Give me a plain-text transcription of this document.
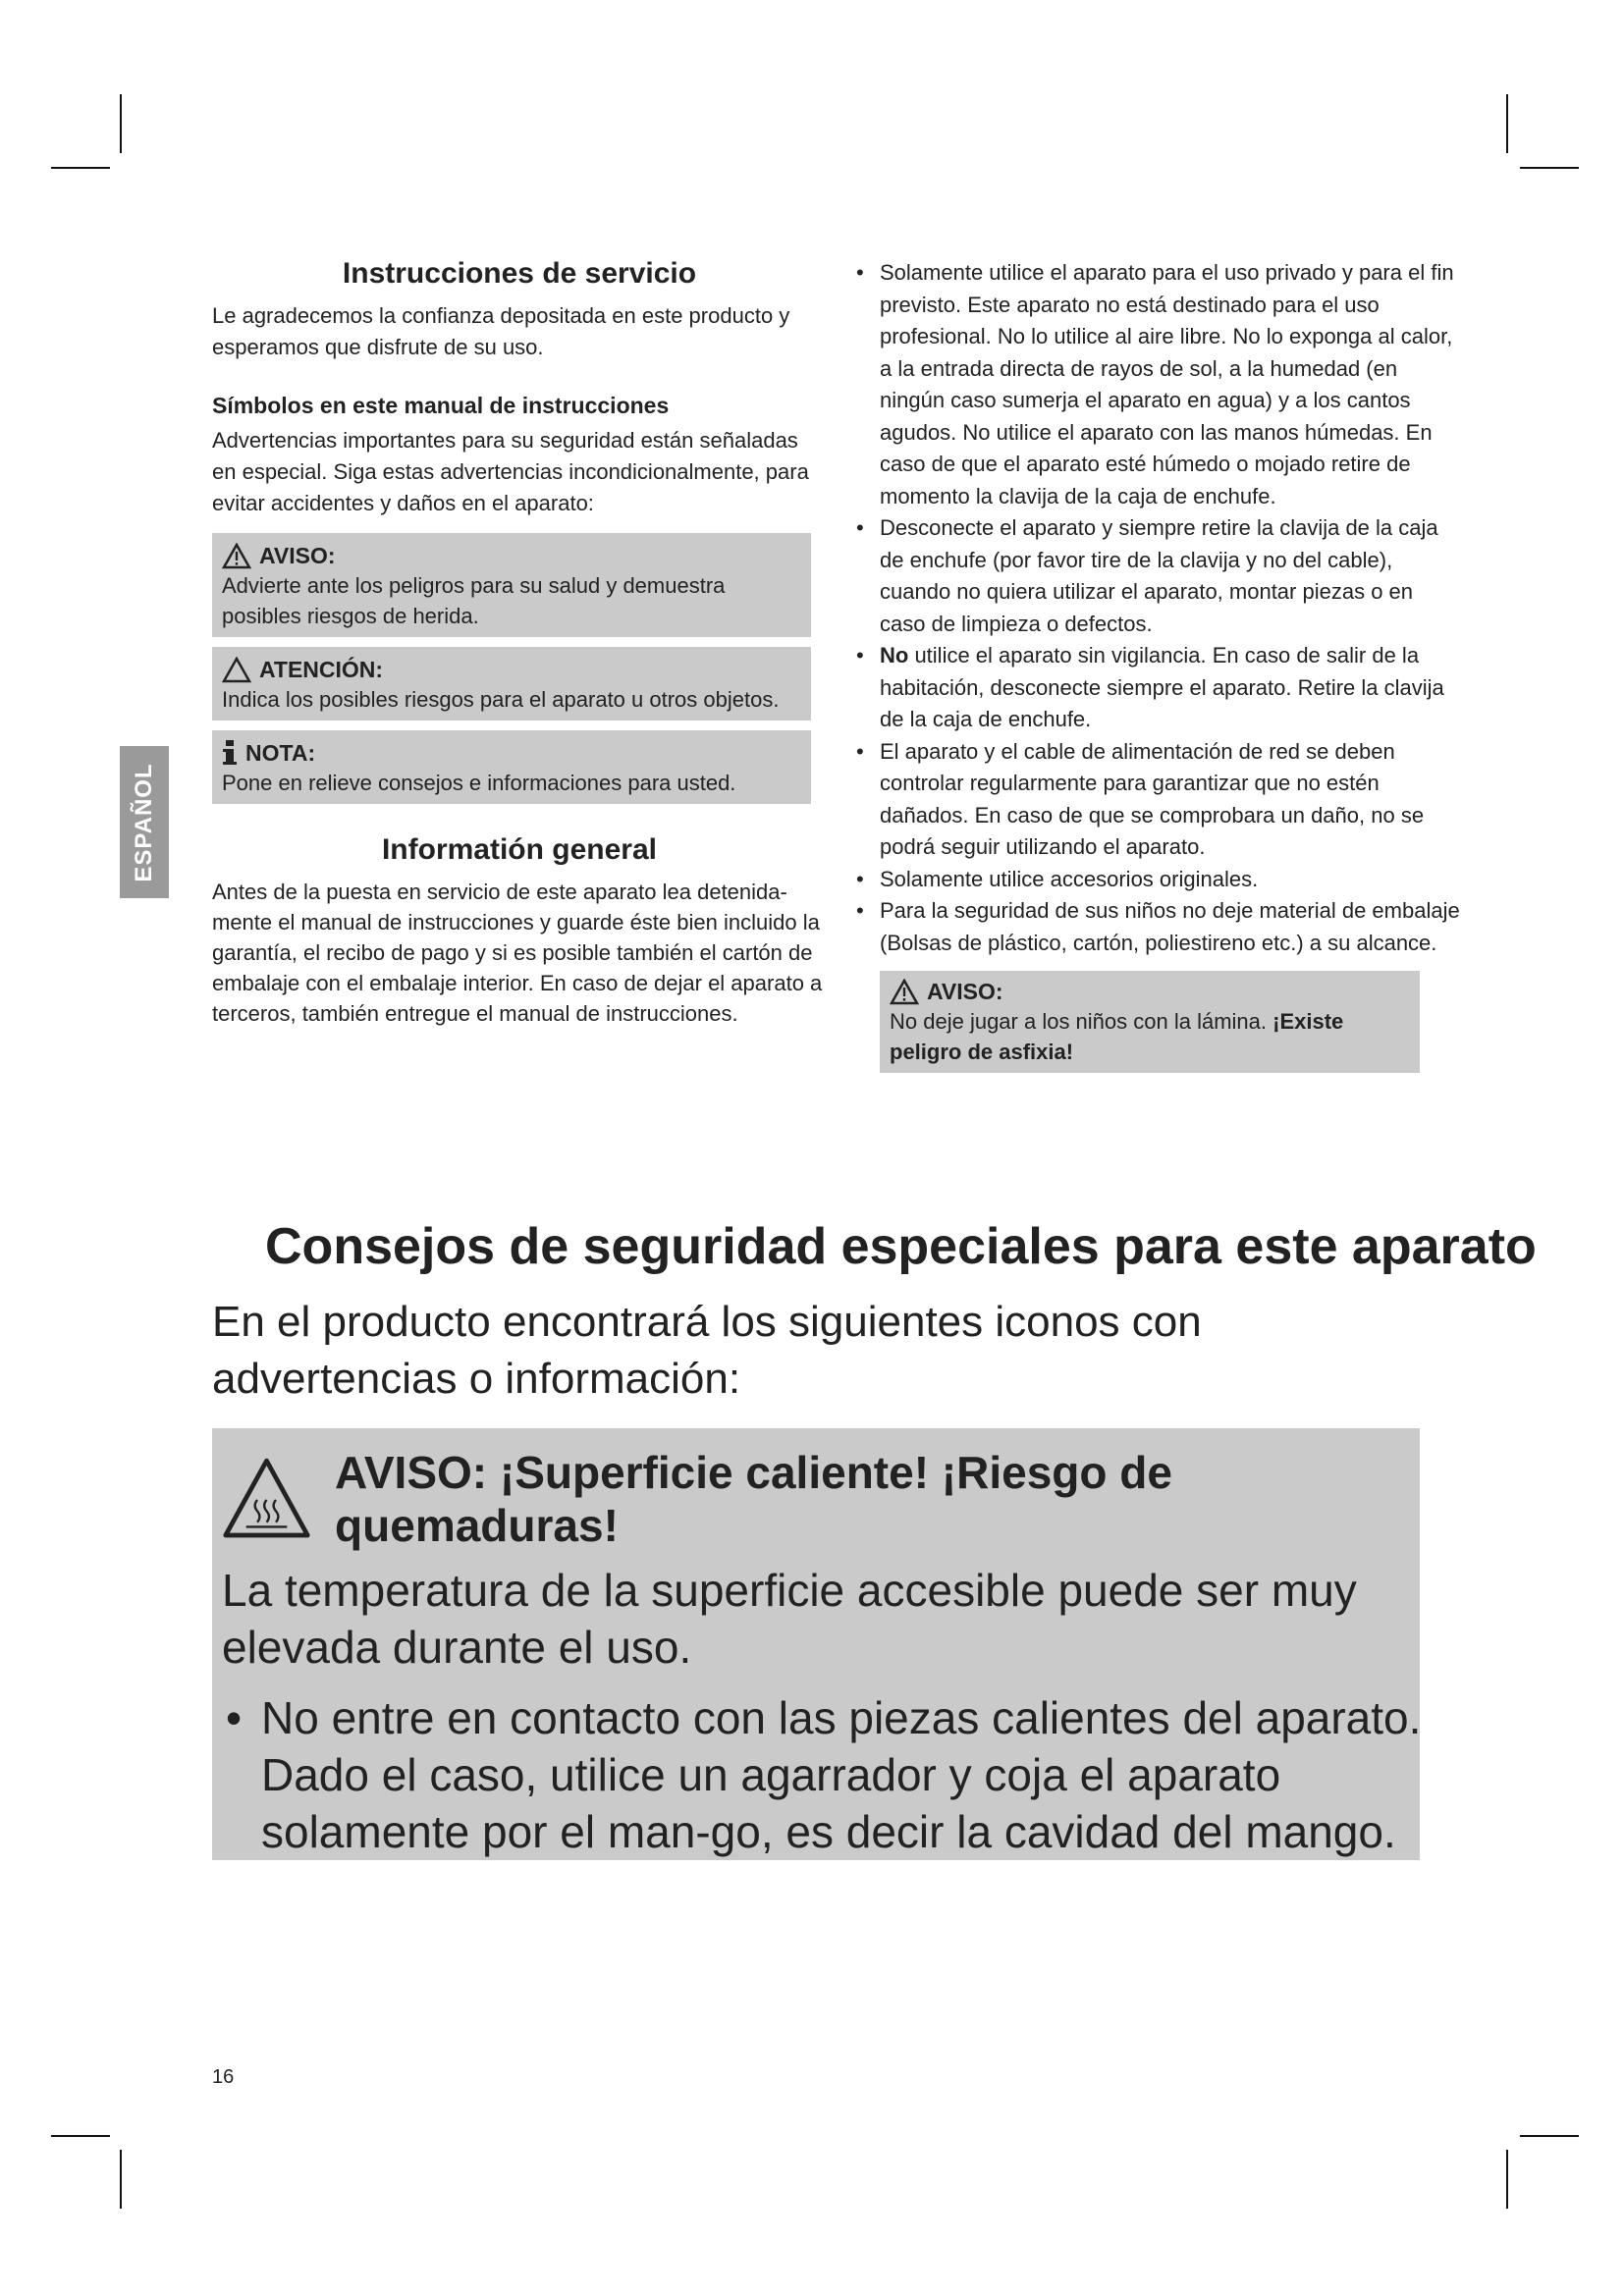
ESPAÑOL
Instrucciones de servicio

Le agradecemos la confianza depositada en este producto y esperamos que disfrute de su uso.

Símbolos en este manual de instrucciones

Advertencias importantes para su seguridad están señaladas en especial. Siga estas advertencias incondicionalmente, para evitar accidentes y daños en el aparato:

AVISO:
Advierte ante los peligros para su salud y demuestra posibles riesgos de herida.
ATENCIÓN:
Indica los posibles riesgos para el aparato u otros objetos.
NOTA:
Pone en relieve consejos e informaciones para usted.
Informatión general

Antes de la puesta en servicio de este aparato lea detenida-mente el manual de instrucciones y guarde éste bien incluido la garantía, el recibo de pago y si es posible también el cartón de embalaje con el embalaje interior. En caso de dejar el aparato a terceros, también entregue el manual de instrucciones.

• Solamente utilice el aparato para el uso privado y para el fin previsto. Este aparato no está destinado para el uso profesional. No lo utilice al aire libre. No lo exponga al calor, a la entrada directa de rayos de sol, a la humedad (en ningún caso sumerja el aparato en agua) y a los cantos agudos. No utilice el aparato con las manos húmedas. En caso de que el aparato esté húmedo o mojado retire de momento la clavija de la caja de enchufe.
• Desconecte el aparato y siempre retire la clavija de la caja de enchufe (por favor tire de la clavija y no del cable), cuando no quiera utilizar el aparato, montar piezas o en caso de limpieza o defectos.
• No utilice el aparato sin vigilancia. En caso de salir de la habitación, desconecte siempre el aparato. Retire la clavija de la caja de enchufe.
• El aparato y el cable de alimentación de red se deben controlar regularmente para garantizar que no estén dañados. En caso de que se comprobara un daño, no se podrá seguir utilizando el aparato.
• Solamente utilice accesorios originales.
• Para la seguridad de sus niños no deje material de embalaje (Bolsas de plástico, cartón, poliestireno etc.) a su alcance.
AVISO:
No deje jugar a los niños con la lámina. ¡Existe peligro de asfixia!
Consejos de seguridad especiales para este aparato

En el producto encontrará los siguientes iconos con advertencias o información:

AVISO: ¡Superficie caliente! ¡Riesgo de quemaduras!

La temperatura de la superficie accesible puede ser muy elevada durante el uso.

• No entre en contacto con las piezas calientes del aparato. Dado el caso, utilice un agarrador y coja el aparato solamente por el man-go, es decir la cavidad del mango.

16
